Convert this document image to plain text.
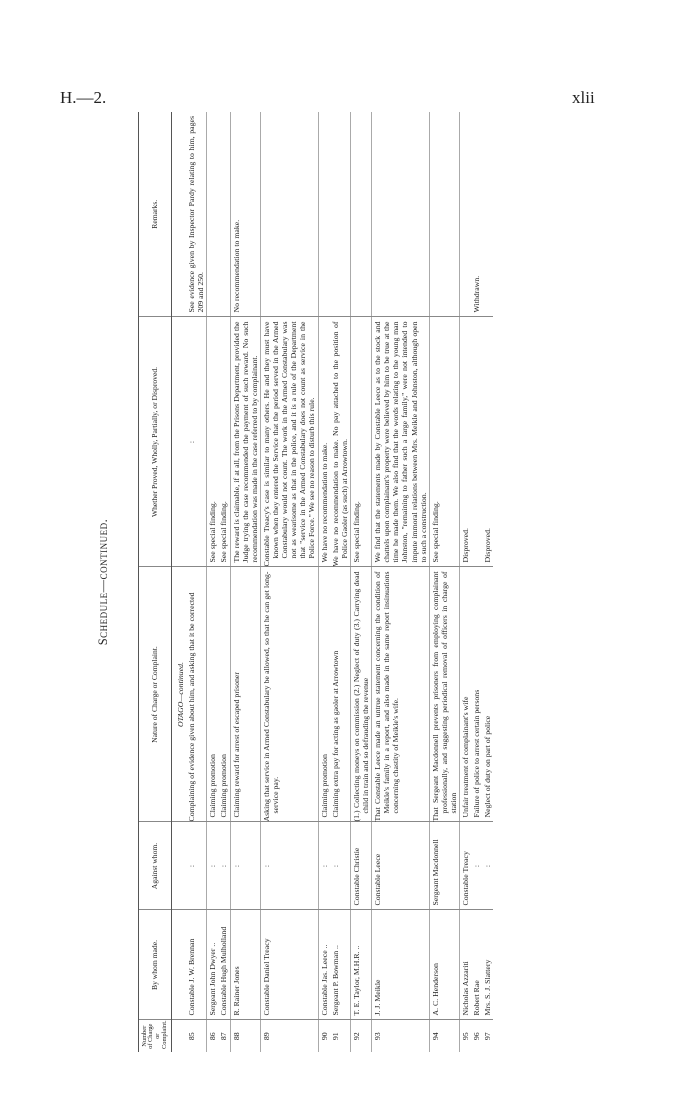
H.—2.	xlii
Schedule—continued.
Number of Charge or Complaint.	By whom made.	Against whom.	Nature of Charge or Complaint.	Whether Proved, Wholly, Partially, or Disproved.	Remarks.
			OTAGO—continued.		
85	Constable J. W. Brennan	:	Complaining of evidence given about him, and asking that it be corrected	:	See evidence given by Inspector Pardy relating to him, pages 209 and 250.
86	Sergeant John Dwyer ..	:	Claiming promotion	See special finding.	
87	Constable Hugh Mulholland	:	Claiming promotion	See special finding.	
88	R. Rainer Jones	:	Claiming reward for arrest of escaped prisoner	The reward is claimable, if at all, from the Prisons Department, provided the Judge trying the case recommended the payment of such reward. No such recommendation was made in the case referred to by complainant.	No recommendation to make.
89	Constable Daniel Treacy	:	Asking that service in Armed Constabulary be allowed, so that he can get long-service pay.	Constable Treacy's case is similar to many others. He and they must have known when they entered the Service that the period served in the Armed Constabulary would not count. The work in the Armed Constabulary was not as wearisome as that in the police, and it is a rule of the Department that "service in the Armed Constabulary does not count as service in the Police Force." We see no reason to disturb this rule.	
90	Constable Jas. Leece ..	:	Claiming promotion	We have no recommendation to make.	
91	Sergeant P. Bowman ..	:	Claiming extra pay for acting as gaoler at Arrowtown	We have no recommendation to make. No pay attached to the position of Police Gaoler (as such) at Arrowtown.	
92	T. E. Taylor, M.H.R. ..	Constable Christie	(1.) Collecting moneys on commission (2.) Neglect of duty (3.) Carrying dead child in train and so defrauding the revenue	See special finding.	
93	J. J. Meikle	Constable Leece	That Constable Leece made an untrue statement concerning the condition of Meikle's family in a report, and also made in the same report insinuations concerning chastity of Meikle's wife.	We find that the statements made by Constable Leece as to the stock and chattels upon complainant's property were believed by him to be true at the time he made them. We also find that the words relating to the young man Johnston, "remaining to father such a large family," were not intended to impute immoral relations between Mrs. Meikle and Johnston, although open to such a construction.	
94	A. C. Henderson	Sergeant Macdonnell	That Sergeant Macdonnell prevents prisoners from employing complainant professionally, and suggesting periodical removal of officers in charge of station	See special finding.	
95	Nicholas Azzariti	Constable Treacy	Unfair treatment of complainant's wife	Disproved.	
96	Robert Rae	:	Failure of police to arrest certain persons		Withdrawn.
97	Mrs. S. J. Slattery	:	Neglect of duty on part of police	Disproved.	
